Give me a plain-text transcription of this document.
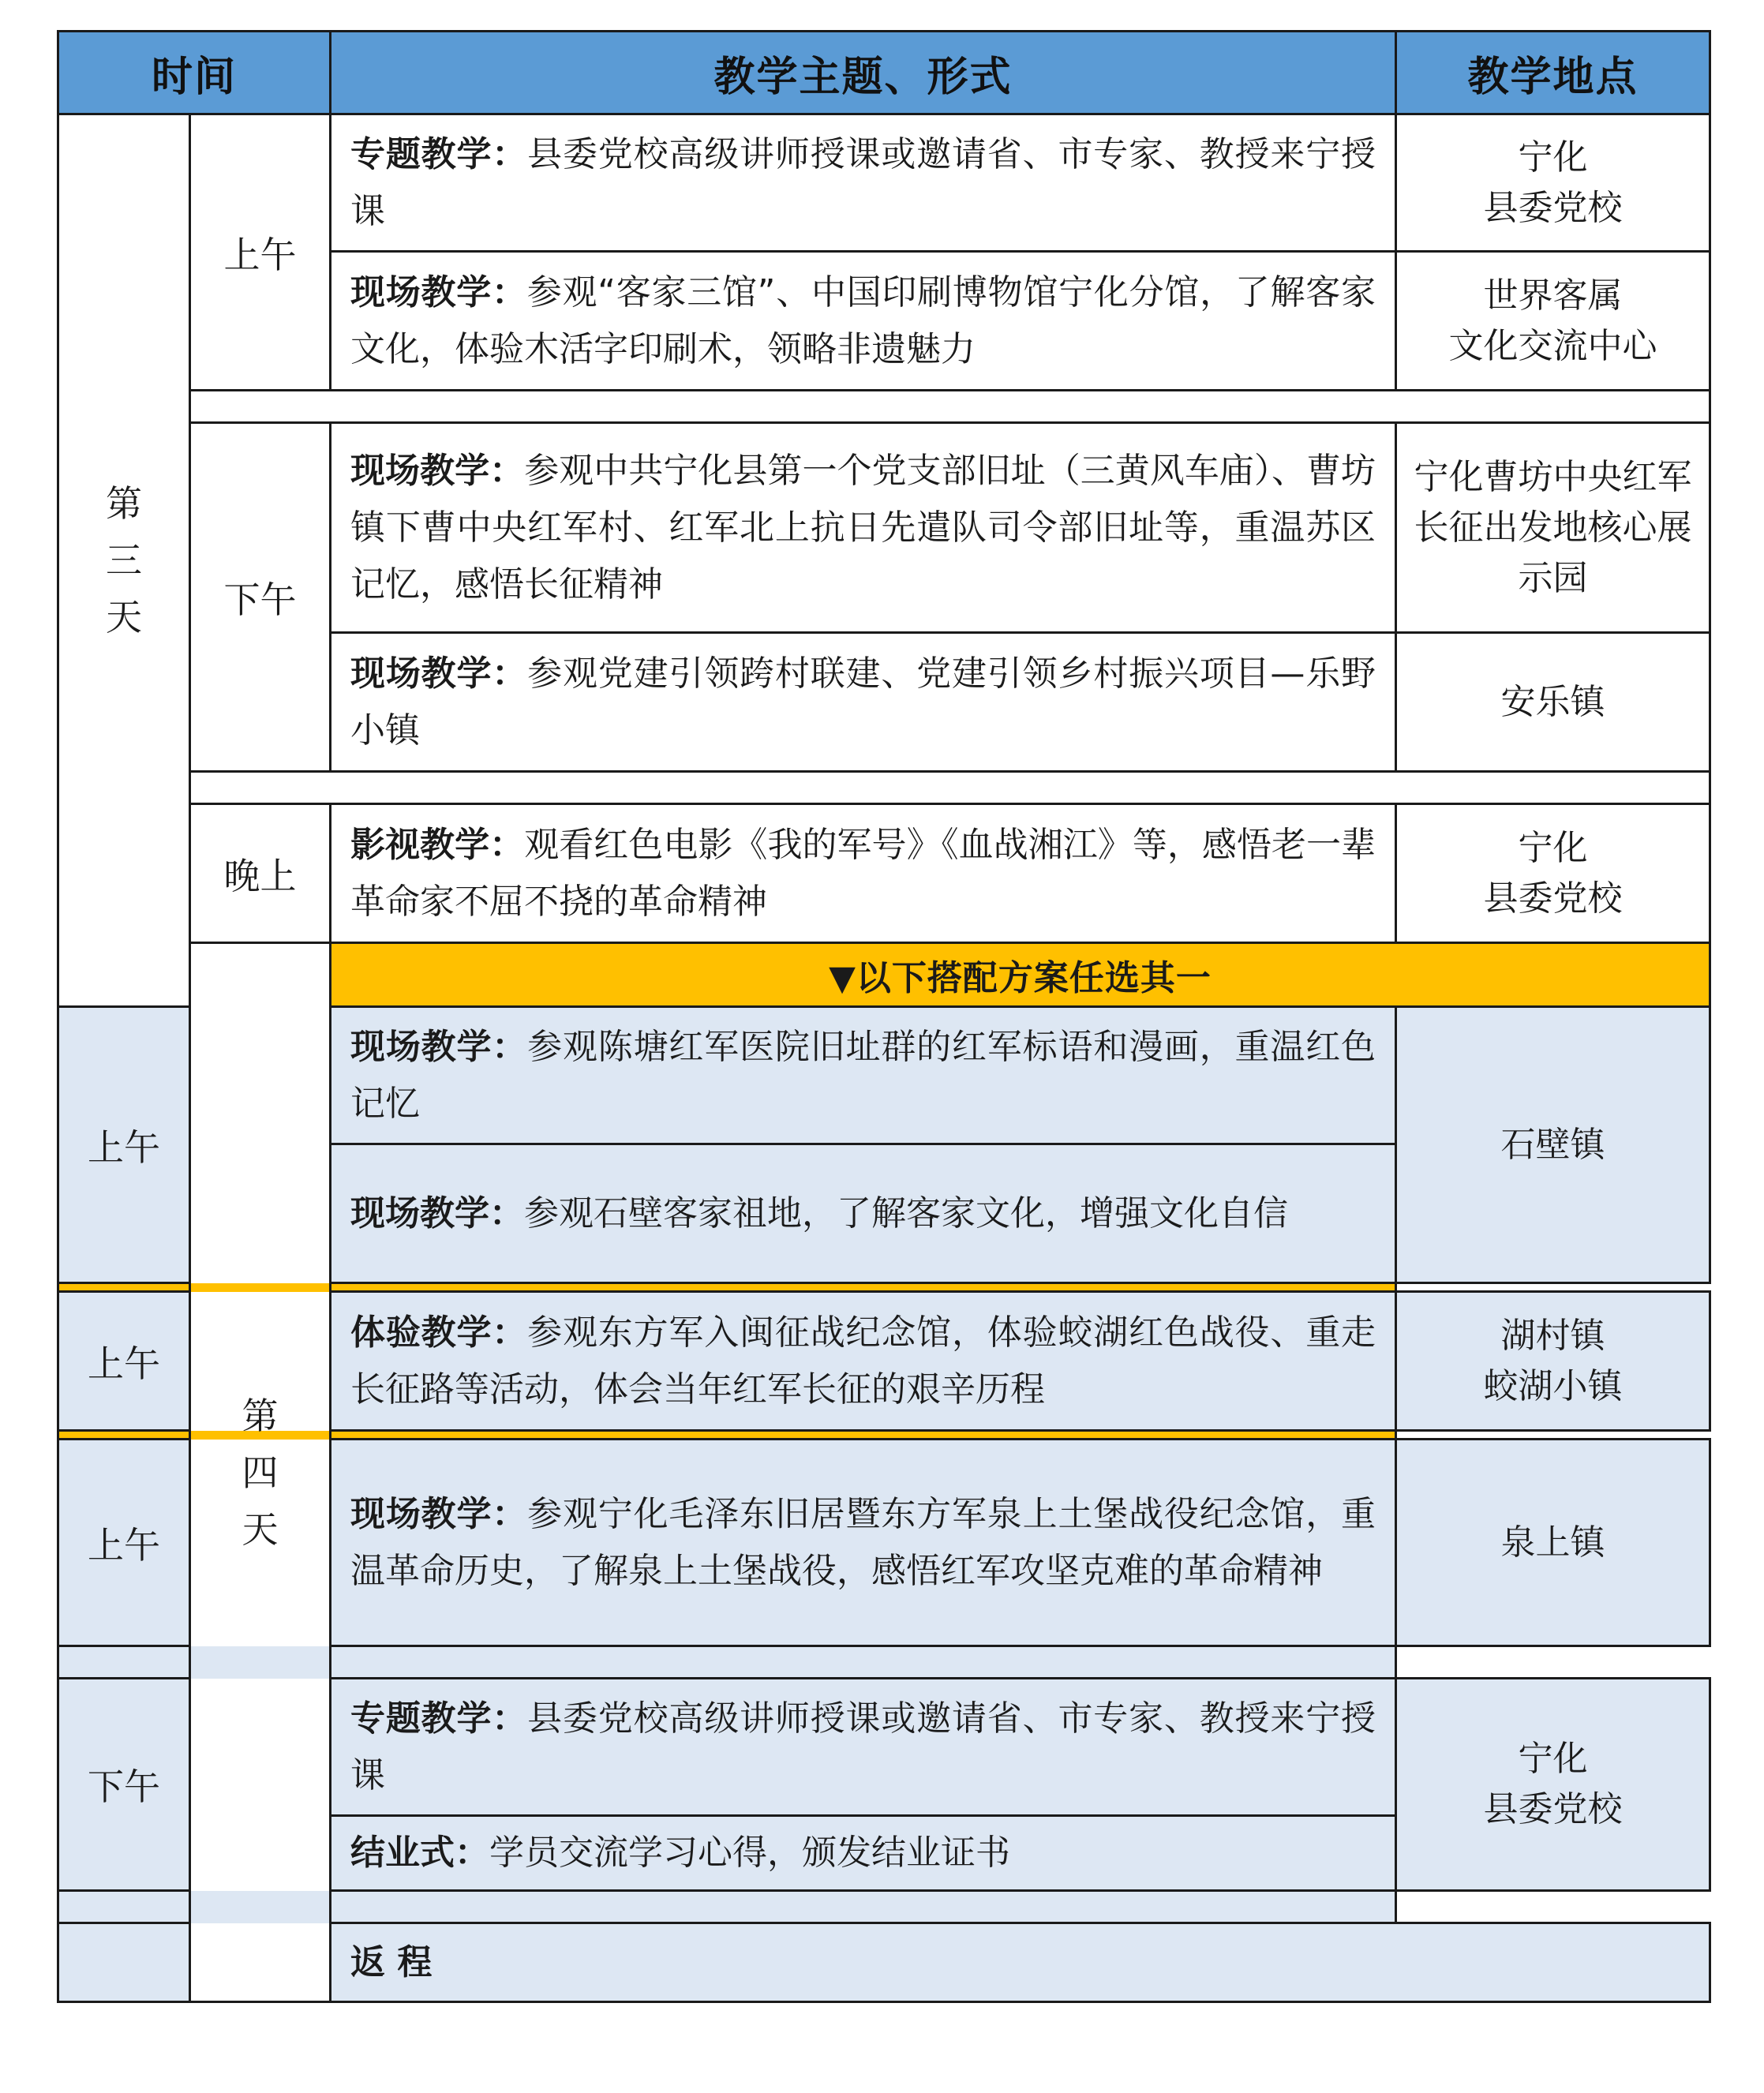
时间		教学主题、形式	教学地点
第三天	上午	专题教学：县委党校高级讲师授课或邀请省、市专家、教授来宁授课	宁化
县委党校

		现场教学：参观“客家三馆”、中国印刷博物馆宁化分馆，了解客家文化，体验木活字印刷术，领略非遗魅力	世界客属
文化交流中心

	下午	现场教学：参观中共宁化县第一个党支部旧址（三黄风车庙）、曹坊镇下曹中央红军村、红军北上抗日先遣队司令部旧址等，重温苏区记忆，感悟长征精神	宁化曹坊中央红军长征出发地核心展示园
		现场教学：参观党建引领跨村联建、党建引领乡村振兴项目—乐野小镇	安乐镇

	晚上	影视教学：观看红色电影《我的军号》《血战湘江》等，感悟老一辈革命家不屈不挠的革命精神	宁化
县委党校

	第四天	▼以下搭配方案任选其一	
上午		现场教学：参观陈塘红军医院旧址群的红军标语和漫画，重温红色记忆	石壁镇
		现场教学：参观石壁客家祖地，了解客家文化，增强文化自信	

上午		体验教学：参观东方军入闽征战纪念馆，体验蛟湖红色战役、重走长征路等活动，体会当年红军长征的艰辛历程	湖村镇
蛟湖小镇

上午		现场教学：参观宁化毛泽东旧居暨东方军泉上土堡战役纪念馆，重温革命历史，了解泉上土堡战役，感悟红军攻坚克难的革命精神	泉上镇

下午		专题教学：县委党校高级讲师授课或邀请省、市专家、教授来宁授课	宁化
县委党校

		结业式：学员交流学习心得，颁发结业证书	

		返 程	
